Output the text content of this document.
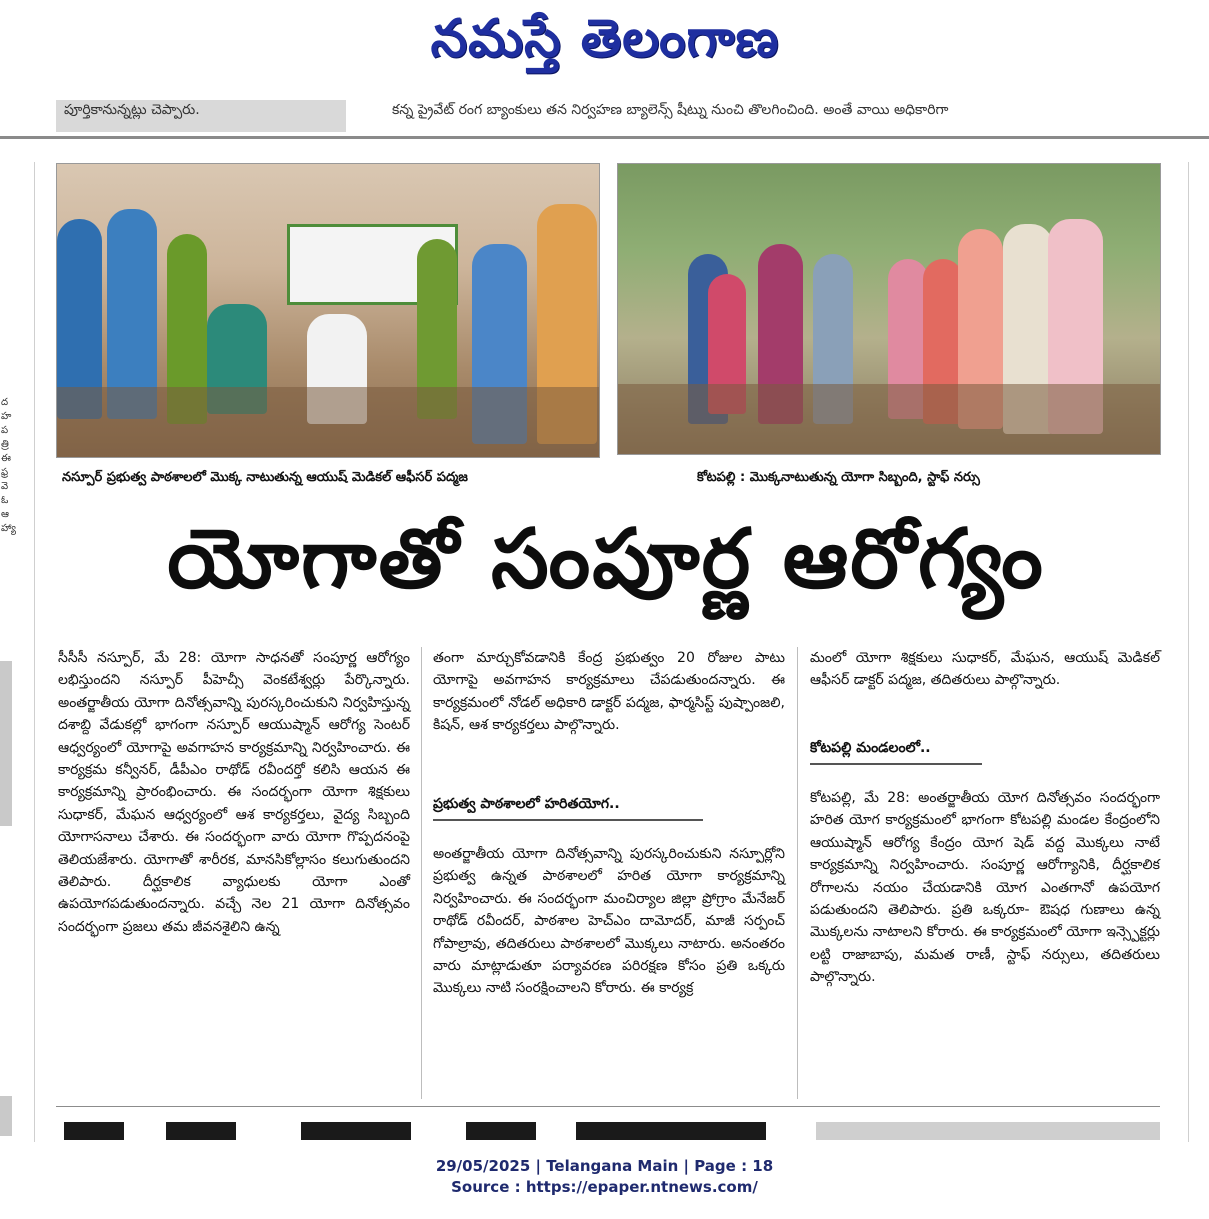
నమస్తే తెలంగాణ
పూర్తికానున్నట్లు చెప్పారు.	కన్న ప్రైవేట్ రంగ బ్యాంకులు తన నిర్వహణ బ్యాలెన్స్ షీట్ను నుంచి తొలగించింది. అంతే వాయి అధికారిగా
ద హ పత్రి ఈ ఫ్ర వె ఓ ఆ హ్యా
నస్పూర్ ప్రభుత్వ పాఠశాలలో మొక్క నాటుతున్న ఆయుష్ మెడికల్ ఆఫీసర్ పద్మజ	కోటపల్లి : మొక్కనాటుతున్న యోగా సిబ్బంది, స్టాఫ్ నర్సు
యోగాతో సంపూర్ణ ఆరోగ్యం
సీసీసీ నస్పూర్, మే 28: యోగా సాధనతో సంపూర్ణ ఆరోగ్యం లభిస్తుందని నస్పూర్ పీహెచ్సీ వెంకటేశ్వర్లు పేర్కొన్నారు. అంతర్జాతీయ యోగా దినోత్సవాన్ని పురస్కరించుకుని నిర్వహిస్తున్న దశాబ్ది వేడుకల్లో భాగంగా నస్పూర్ ఆయుష్మాన్ ఆరోగ్య సెంటర్ ఆధ్వర్యంలో యోగాపై అవగాహన కార్యక్రమాన్ని నిర్వహించారు. ఈ కార్యక్రమ కన్వీనర్, డీపీఎం రాథోడ్ రవీందర్తో కలిసి ఆయన ఈ కార్యక్రమాన్ని ప్రారంభించారు. ఈ సందర్భంగా యోగా శిక్షకులు సుధాకర్, మేఘన ఆధ్వర్యంలో ఆశ కార్యకర్తలు, వైద్య సిబ్బంది యోగాసనాలు చేశారు. ఈ సందర్భంగా వారు యోగా గొప్పదనంపై తెలియజేశారు. యోగాతో శారీరక, మానసికోల్లాసం కలుగుతుందని తెలిపారు. దీర్ఘకాలిక వ్యాధులకు యోగా ఎంతో ఉపయోగపడుతుందన్నారు. వచ్చే నెల 21 యోగా దినోత్సవం సందర్భంగా ప్రజలు తమ జీవనశైలిని ఉన్న
తంగా మార్చుకోవడానికి కేంద్ర ప్రభుత్వం 20 రోజుల పాటు యోగాపై అవగాహన కార్యక్రమాలు చేపడుతుందన్నారు. ఈ కార్యక్రమంలో నోడల్ అధికారి డాక్టర్ పద్మజ, ఫార్మసిస్ట్ పుష్పాంజలి, కిషన్, ఆశ కార్యకర్తలు పాల్గొన్నారు.
ప్రభుత్వ పాఠశాలలో హరితయోగ..
అంతర్జాతీయ యోగా దినోత్సవాన్ని పురస్కరించుకుని నస్పూర్లోని ప్రభుత్వ ఉన్నత పాఠశాలలో హరిత యోగా కార్యక్రమాన్ని నిర్వహించారు. ఈ సందర్భంగా మంచిర్యాల జిల్లా ప్రోగ్రాం మేనేజర్ రాథోడ్ రవీందర్, పాఠశాల హెచ్ఎం దామోదర్, మాజీ సర్పంచ్ గోపాల్రావు, తదితరులు పాఠశాలలో మొక్కలు నాటారు. అనంతరం వారు మాట్లాడుతూ పర్యావరణ పరిరక్షణ కోసం ప్రతి ఒక్కరు మొక్కలు నాటి సంరక్షించాలని కోరారు. ఈ కార్యక్ర
మంలో యోగా శిక్షకులు సుధాకర్, మేఘన, ఆయుష్ మెడికల్ ఆఫీసర్ డాక్టర్ పద్మజ, తదితరులు పాల్గొన్నారు.
కోటపల్లి మండలంలో..
కోటపల్లి, మే 28: అంతర్జాతీయ యోగ దినోత్సవం సందర్భంగా హరిత యోగ కార్యక్రమంలో భాగంగా కోటపల్లి మండల కేంద్రంలోని ఆయుష్మాన్ ఆరోగ్య కేంద్రం యోగ షెడ్ వద్ద మొక్కలు నాటే కార్యక్రమాన్ని నిర్వహించారు. సంపూర్ణ ఆరోగ్యానికి, దీర్ఘకాలిక రోగాలను నయం చేయడానికి యోగ ఎంతగానో ఉపయోగ పడుతుందని తెలిపారు. ప్రతి ఒక్కరూ- ఔషధ గుణాలు ఉన్న మొక్కలను నాటాలని కోరారు. ఈ కార్యక్రమంలో యోగా ఇన్స్పెక్టర్లు లట్టి రాజాబాపు, మమత రాణీ, స్టాఫ్ నర్సులు, తదితరులు పాల్గొన్నారు.
29/05/2025 | Telangana Main | Page : 18
Source : https://epaper.ntnews.com/
